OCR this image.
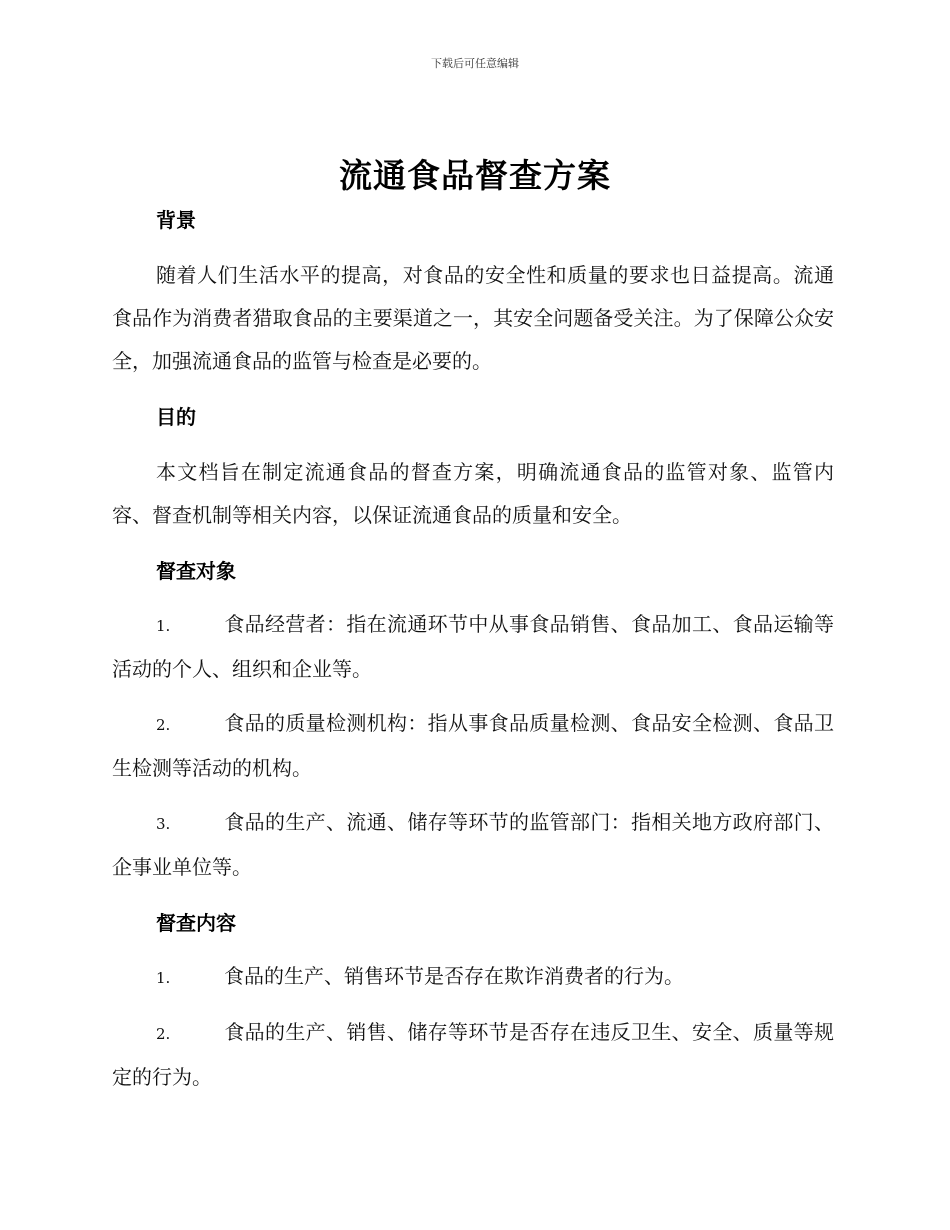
下载后可任意编辑
流通食品督查方案
背景

随着人们生活水平的提高，对食品的安全性和质量的要求也日益提高。流通食品作为消费者猎取食品的主要渠道之一，其安全问题备受关注。为了保障公众安全，加强流通食品的监管与检查是必要的。

目的

本文档旨在制定流通食品的督查方案，明确流通食品的监管对象、监管内容、督查机制等相关内容，以保证流通食品的质量和安全。

督查对象

1.	食品经营者：指在流通环节中从事食品销售、食品加工、食品运输等活动的个人、组织和企业等。

2.	食品的质量检测机构：指从事食品质量检测、食品安全检测、食品卫生检测等活动的机构。

3.	食品的生产、流通、储存等环节的监管部门：指相关地方政府部门、企事业单位等。

督查内容

1.	食品的生产、销售环节是否存在欺诈消费者的行为。

2.	食品的生产、销售、储存等环节是否存在违反卫生、安全、质量等规定的行为。
